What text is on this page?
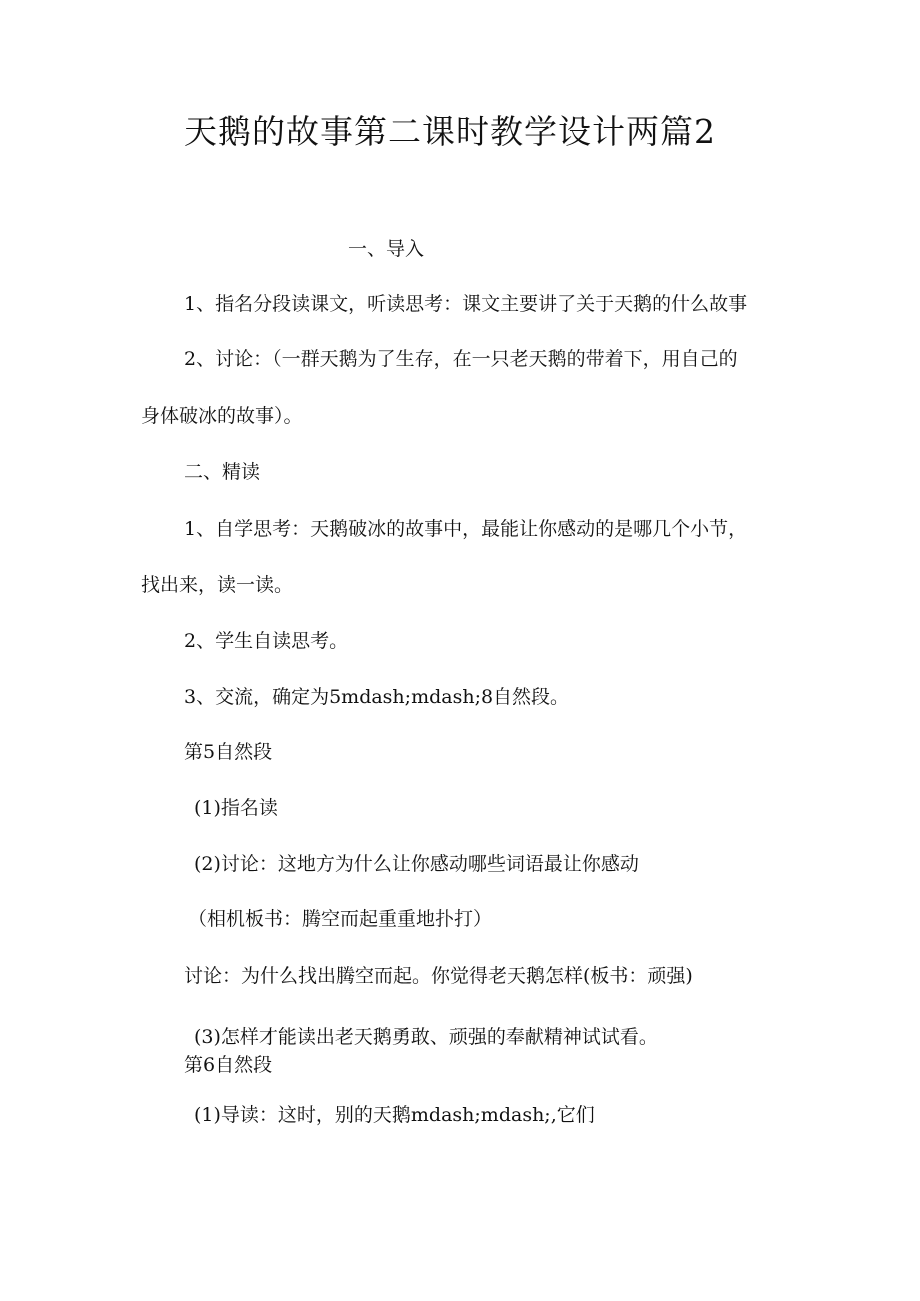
天鹅的故事第二课时教学设计两篇2
一、导入
1、指名分段读课文，听读思考：课文主要讲了关于天鹅的什么故事
2、讨论：（一群天鹅为了生存，在一只老天鹅的带着下，用自己的
身体破冰的故事）。
二、精读
1、自学思考：天鹅破冰的故事中，最能让你感动的是哪几个小节，
找出来，读一读。
2、学生自读思考。
3、交流，确定为5mdash;mdash;8自然段。
第5自然段
(1)指名读
(2)讨论：这地方为什么让你感动哪些词语最让你感动
（相机板书：腾空而起重重地扑打）
讨论：为什么找出腾空而起。你觉得老天鹅怎样(板书：顽强)
(3)怎样才能读出老天鹅勇敢、顽强的奉献精神试试看。
第6自然段
(1)导读：这时，别的天鹅mdash;mdash;,它们
